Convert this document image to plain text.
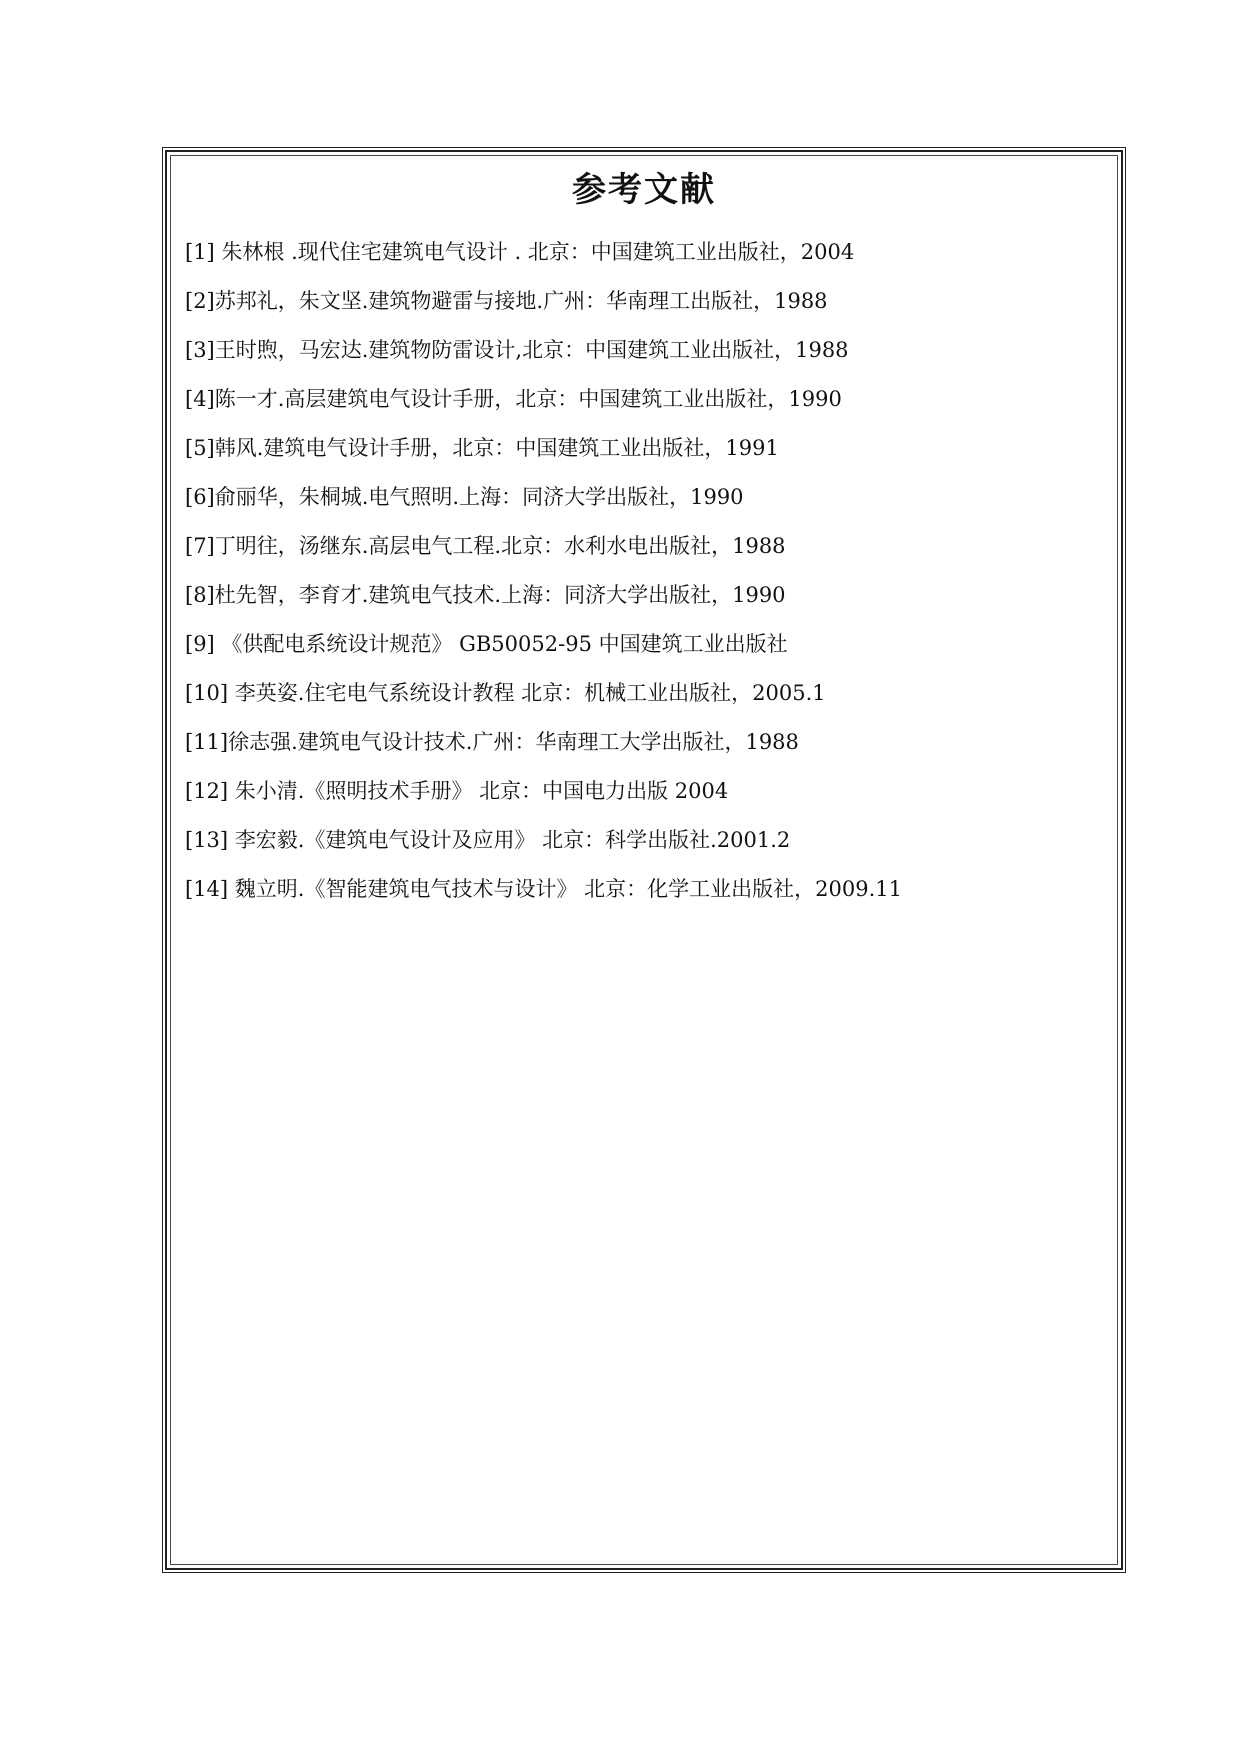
参考文献
[1] 朱林根 .现代住宅建筑电气设计 . 北京：中国建筑工业出版社，2004
[2]苏邦礼，朱文坚.建筑物避雷与接地.广州：华南理工出版社，1988
[3]王时煦，马宏达.建筑物防雷设计,北京：中国建筑工业出版社，1988
[4]陈一才.高层建筑电气设计手册，北京：中国建筑工业出版社，1990
[5]韩风.建筑电气设计手册，北京：中国建筑工业出版社，1991
[6]俞丽华，朱桐城.电气照明.上海：同济大学出版社，1990
[7]丁明往，汤继东.高层电气工程.北京：水利水电出版社，1988
[8]杜先智，李育才.建筑电气技术.上海：同济大学出版社，1990
[9] 《供配电系统设计规范》 GB50052-95 中国建筑工业出版社
[10] 李英姿.住宅电气系统设计教程 北京：机械工业出版社，2005.1
[11]徐志强.建筑电气设计技术.广州：华南理工大学出版社，1988
[12] 朱小清.《照明技术手册》 北京：中国电力出版 2004
[13] 李宏毅.《建筑电气设计及应用》 北京：科学出版社.2001.2
[14] 魏立明.《智能建筑电气技术与设计》 北京：化学工业出版社，2009.11
